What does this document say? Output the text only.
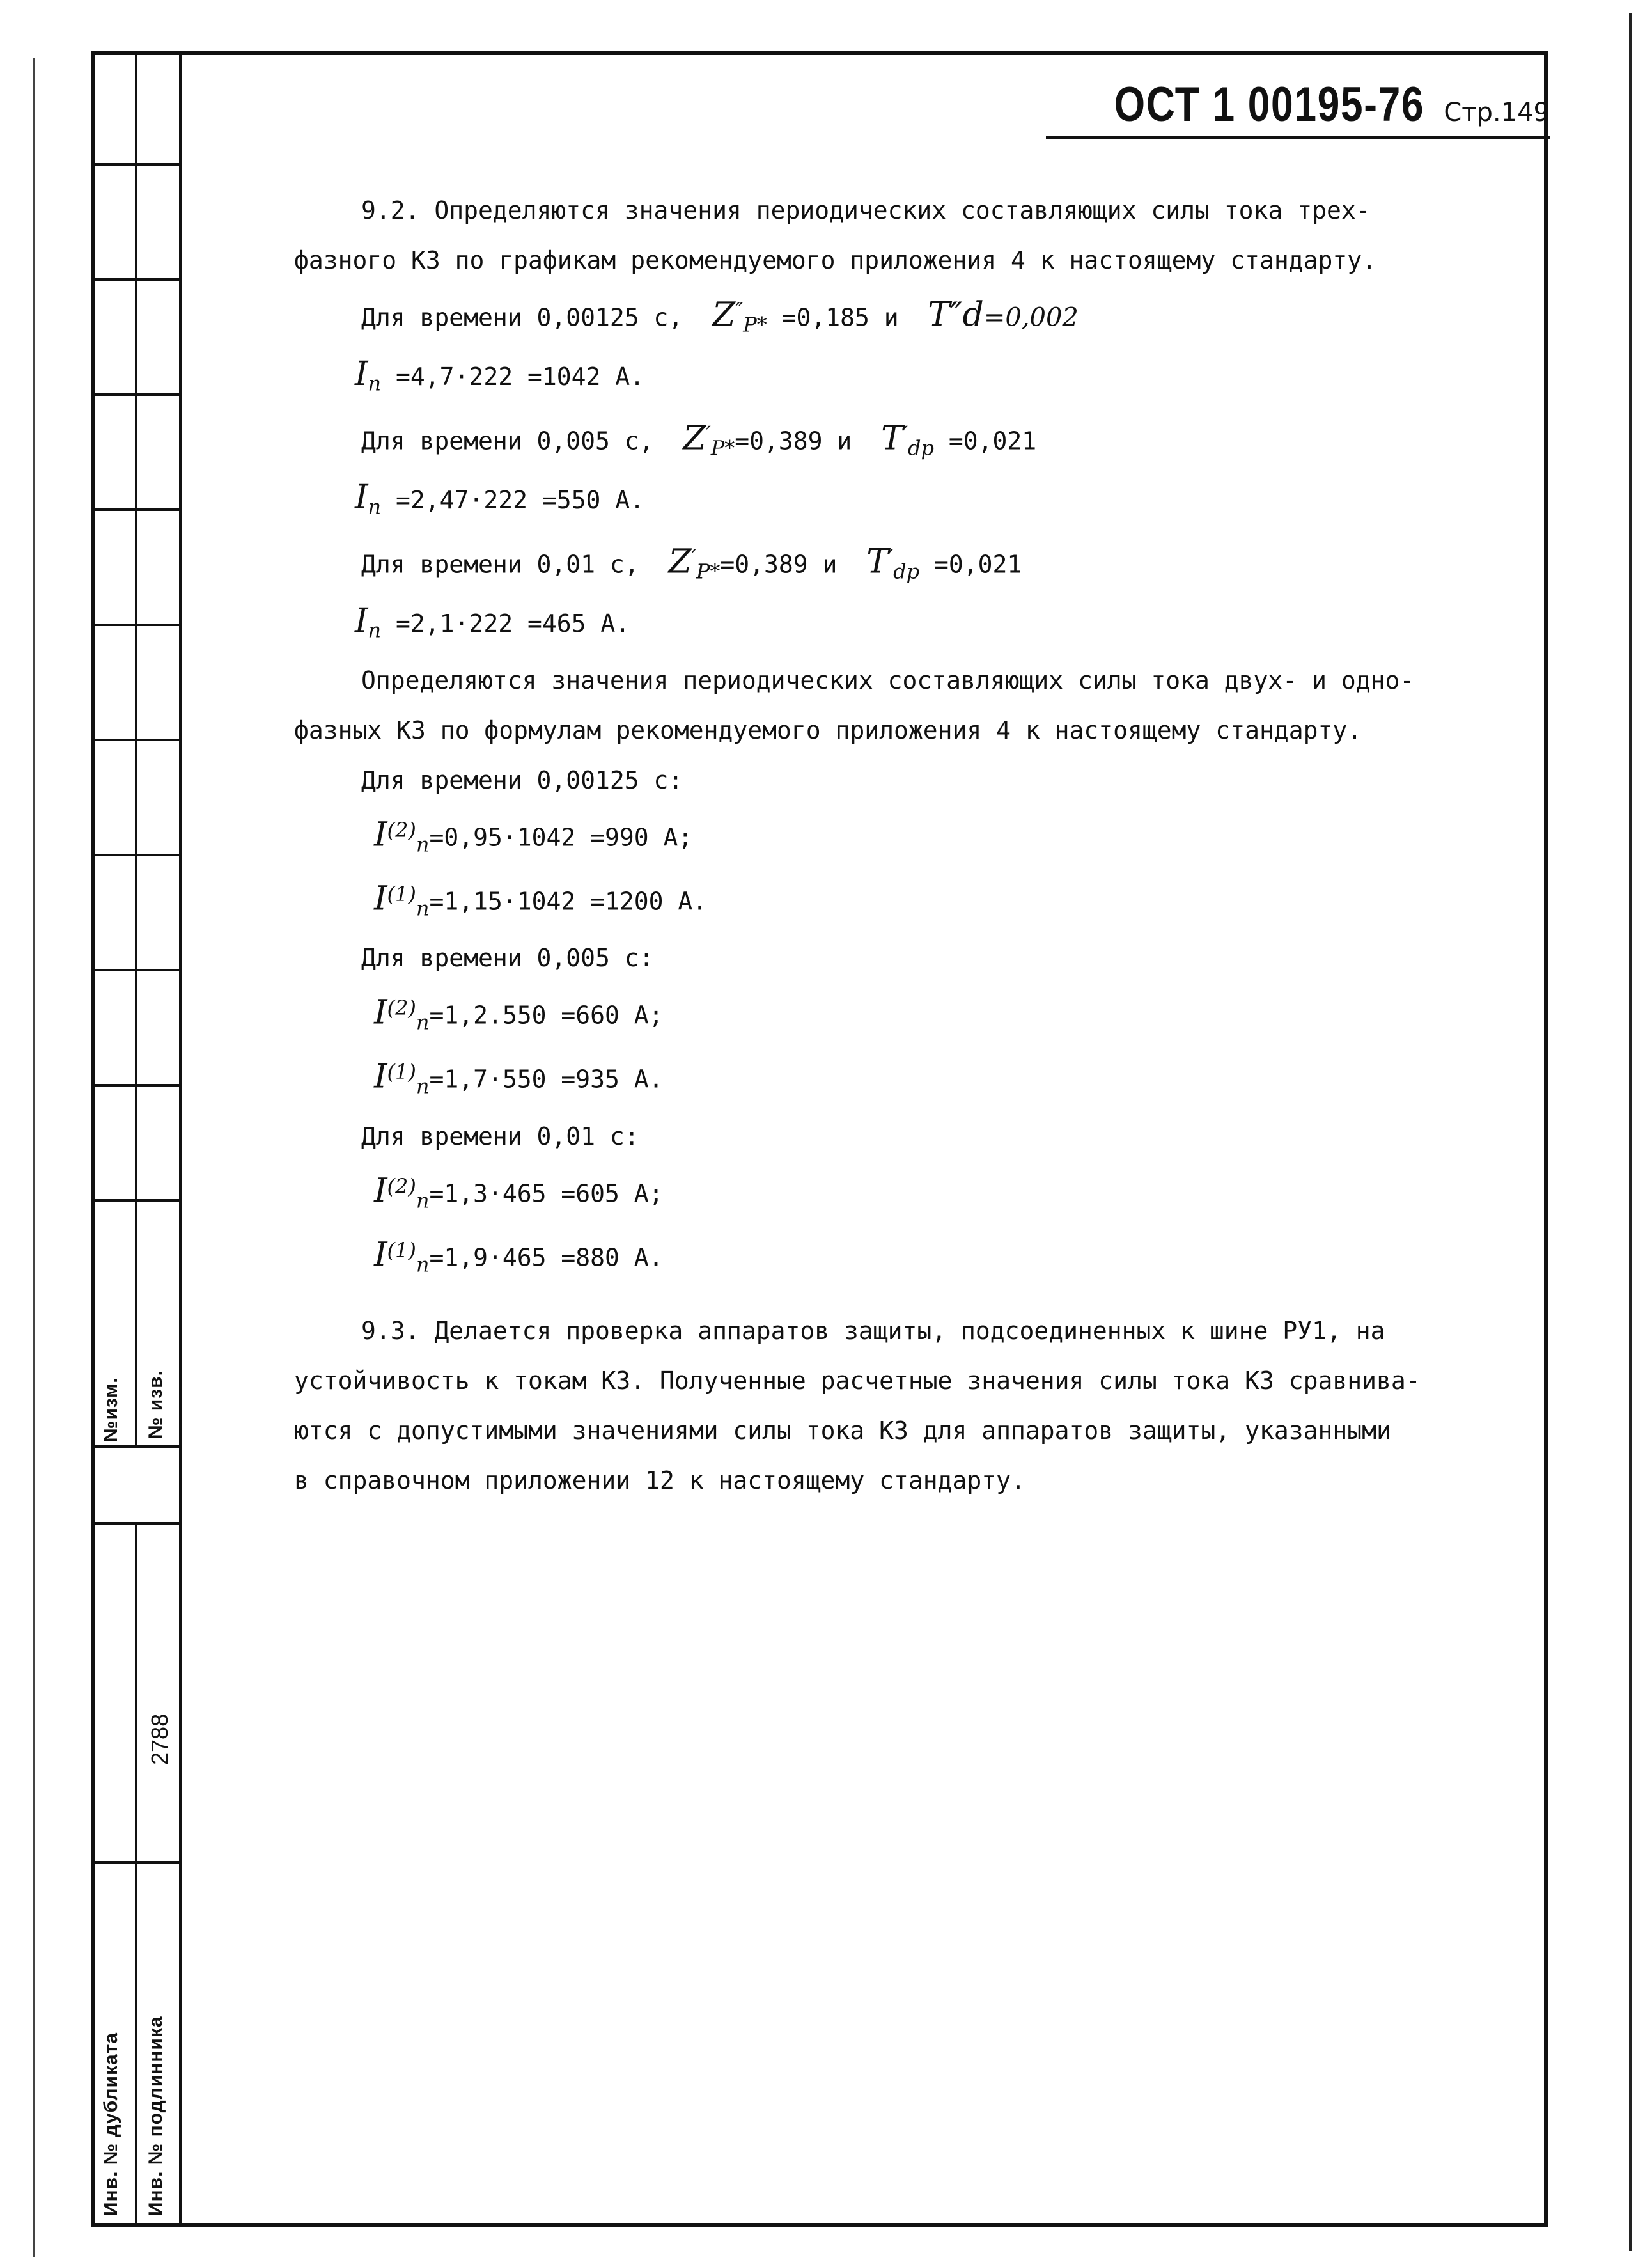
№изм. № изв.
2788
Инв. № дубликата Инв. № подлинника
ОСТ 1 00195-76 Стр.149

9.2. Определяются значения периодических составляющих силы тока трех-

фазного КЗ по графикам рекомендуемого приложения 4 к настоящему стандарту.

Для времени 0,00125 с, $Z''_{P*} =0,185$ и T″d=0,002

$I_п =4,7\cdot 222 =1042$ А.

Для времени 0,005 с, $Z'_{P*}=0,389$ и $T'_{dp} =0,021$

$I_п =2,47\cdot 222 =550$ А.

Для времени 0,01 с, $Z'_{P*}=0,389$ и $T'_{dp} =0,021$

$I_п =2,1\cdot 222 =465$ А.

Определяются значения периодических составляющих силы тока двух- и одно-

фазных КЗ по формулам рекомендуемого приложения 4 к настоящему стандарту.

Для времени 0,00125 с:

$I^{(2)}_п=0,95\cdot 1042 =990$ А;

$I^{(1)}_п=1,15\cdot 1042 =1200$ А.

Для времени 0,005 с:

$I^{(2)}_п=1,2.550 =660$ А;

$I^{(1)}_п=1,7\cdot 550 =935$ А.

Для времени 0,01 с:

$I^{(2)}_п=1,3\cdot 465 =605$ А;

$I^{(1)}_п=1,9\cdot 465 =880$ А.

9.3. Делается проверка аппаратов защиты, подсоединенных к шине РУ1, на

устойчивость к токам КЗ. Полученные расчетные значения силы тока КЗ сравнива-

ются с допустимыми значениями силы тока КЗ для аппаратов защиты, указанными

в справочном приложении 12 к настоящему стандарту.
